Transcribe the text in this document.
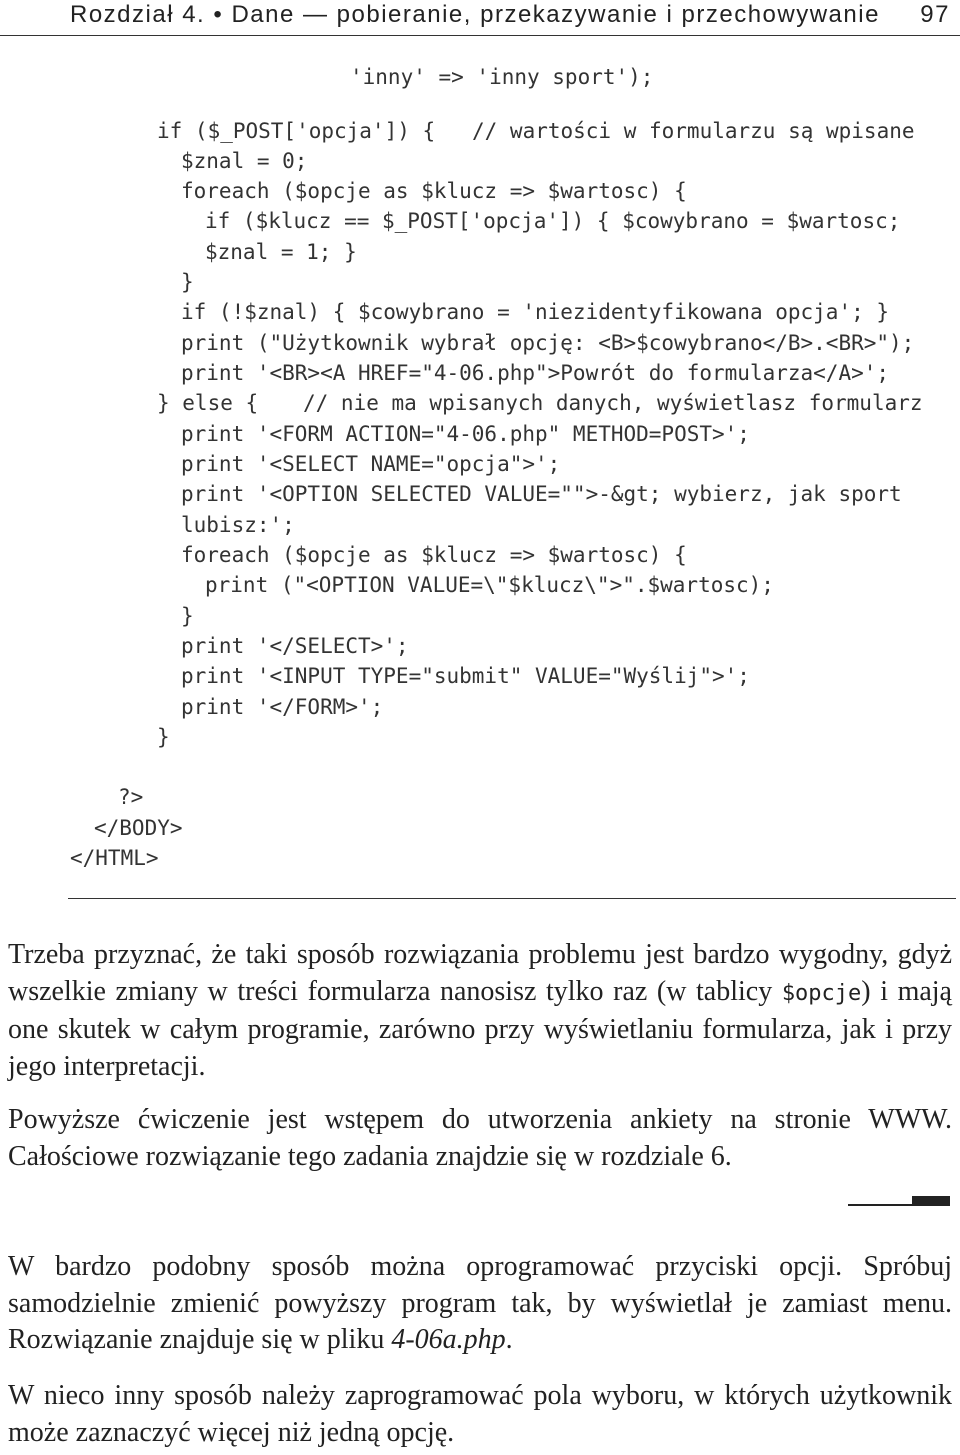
Rozdział 4. • Dane — pobieranie, przekazywanie i przechowywanie 97
'inny' => 'inny sport');
if ($_POST['opcja']) { // wartości w formularzu są wpisane
$znal = 0;
foreach ($opcje as $klucz => $wartosc) {
if ($klucz == $_POST['opcja']) { $cowybrano = $wartosc;
$znal = 1; }
}
if (!$znal) { $cowybrano = 'niezidentyfikowana opcja'; }
print ("Użytkownik wybrał opcję: <B>$cowybrano</B>.<BR>");
print '<BR><A HREF="4-06.php">Powrót do formularza</A>';
} else { // nie ma wpisanych danych, wyświetlasz formularz
print '<FORM ACTION="4-06.php" METHOD=POST>';
print '<SELECT NAME="opcja">';
print '<OPTION SELECTED VALUE="">-&gt; wybierz, jak sport
lubisz:';
foreach ($opcje as $klucz => $wartosc) {
print ("<OPTION VALUE=\"$klucz\">".$wartosc);
}
print '</SELECT>';
print '<INPUT TYPE="submit" VALUE="Wyślij">';
print '</FORM>';
}
?>
</BODY>
</HTML>

Trzeba przyznać, że taki sposób rozwiązania problemu jest bardzo wygodny, gdyż wszelkie zmiany w treści formularza nanosisz tylko raz (w tablicy $opcje) i mają one skutek w całym programie, zarówno przy wyświetlaniu formularza, jak i przy jego interpretacji.

Powyższe ćwiczenie jest wstępem do utworzenia ankiety na stronie WWW. Całościowe rozwiązanie tego zadania znajdzie się w rozdziale 6.

W bardzo podobny sposób można oprogramować przyciski opcji. Spróbuj samodzielnie zmienić powyższy program tak, by wyświetlał je zamiast menu. Rozwiązanie znajduje się w pliku 4-06a.php.

W nieco inny sposób należy zaprogramować pola wyboru, w których użytkownik może zaznaczyć więcej niż jedną opcję.
